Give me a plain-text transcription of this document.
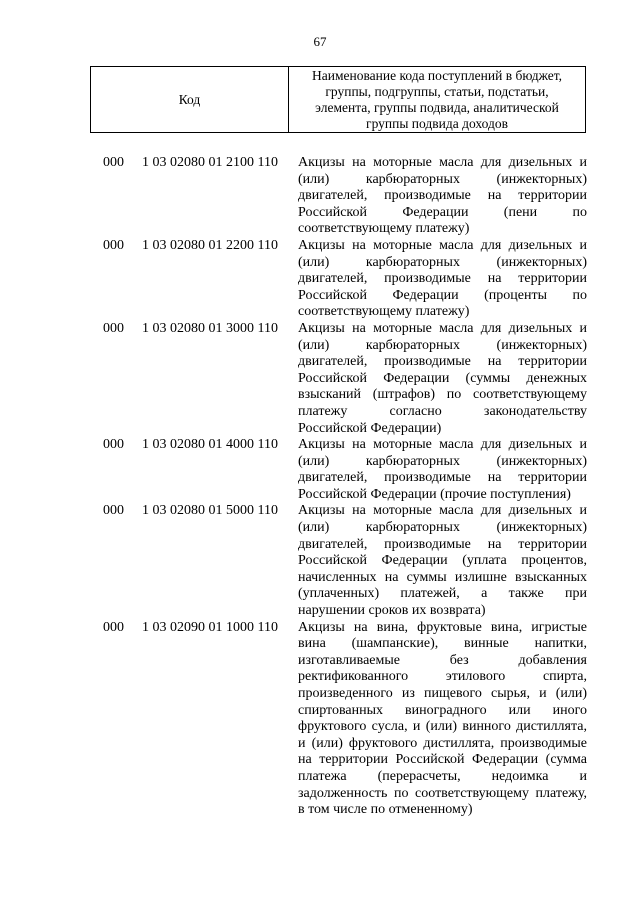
67
Код
Наименование кода поступлений в бюджет,
группы, подгруппы, статьи, подстатьи,
элемента, группы подвида, аналитической
группы подвида доходов
000 1 03 02080 01 2100 110 Акцизы на моторные масла для дизельных и
(или) карбюраторных (инжекторных)
двигателей, производимые на территории
Российской Федерации (пени по
соответствующему платежу)
000 1 03 02080 01 2200 110 Акцизы на моторные масла для дизельных и
(или) карбюраторных (инжекторных)
двигателей, производимые на территории
Российской Федерации (проценты по
соответствующему платежу)
000 1 03 02080 01 3000 110 Акцизы на моторные масла для дизельных и
(или) карбюраторных (инжекторных)
двигателей, производимые на территории
Российской Федерации (суммы денежных
взысканий (штрафов) по соответствующему
платежу согласно законодательству
Российской Федерации)
000 1 03 02080 01 4000 110 Акцизы на моторные масла для дизельных и
(или) карбюраторных (инжекторных)
двигателей, производимые на территории
Российской Федерации (прочие поступления)
000 1 03 02080 01 5000 110 Акцизы на моторные масла для дизельных и
(или) карбюраторных (инжекторных)
двигателей, производимые на территории
Российской Федерации (уплата процентов,
начисленных на суммы излишне взысканных
(уплаченных) платежей, а также при
нарушении сроков их возврата)
000 1 03 02090 01 1000 110 Акцизы на вина, фруктовые вина, игристые
вина (шампанские), винные напитки,
изготавливаемые без добавления
ректификованного этилового спирта,
произведенного из пищевого сырья, и (или)
спиртованных виноградного или иного
фруктового сусла, и (или) винного дистиллята,
и (или) фруктового дистиллята, производимые
на территории Российской Федерации (сумма
платежа (перерасчеты, недоимка и
задолженность по соответствующему платежу,
в том числе по отмененному)
